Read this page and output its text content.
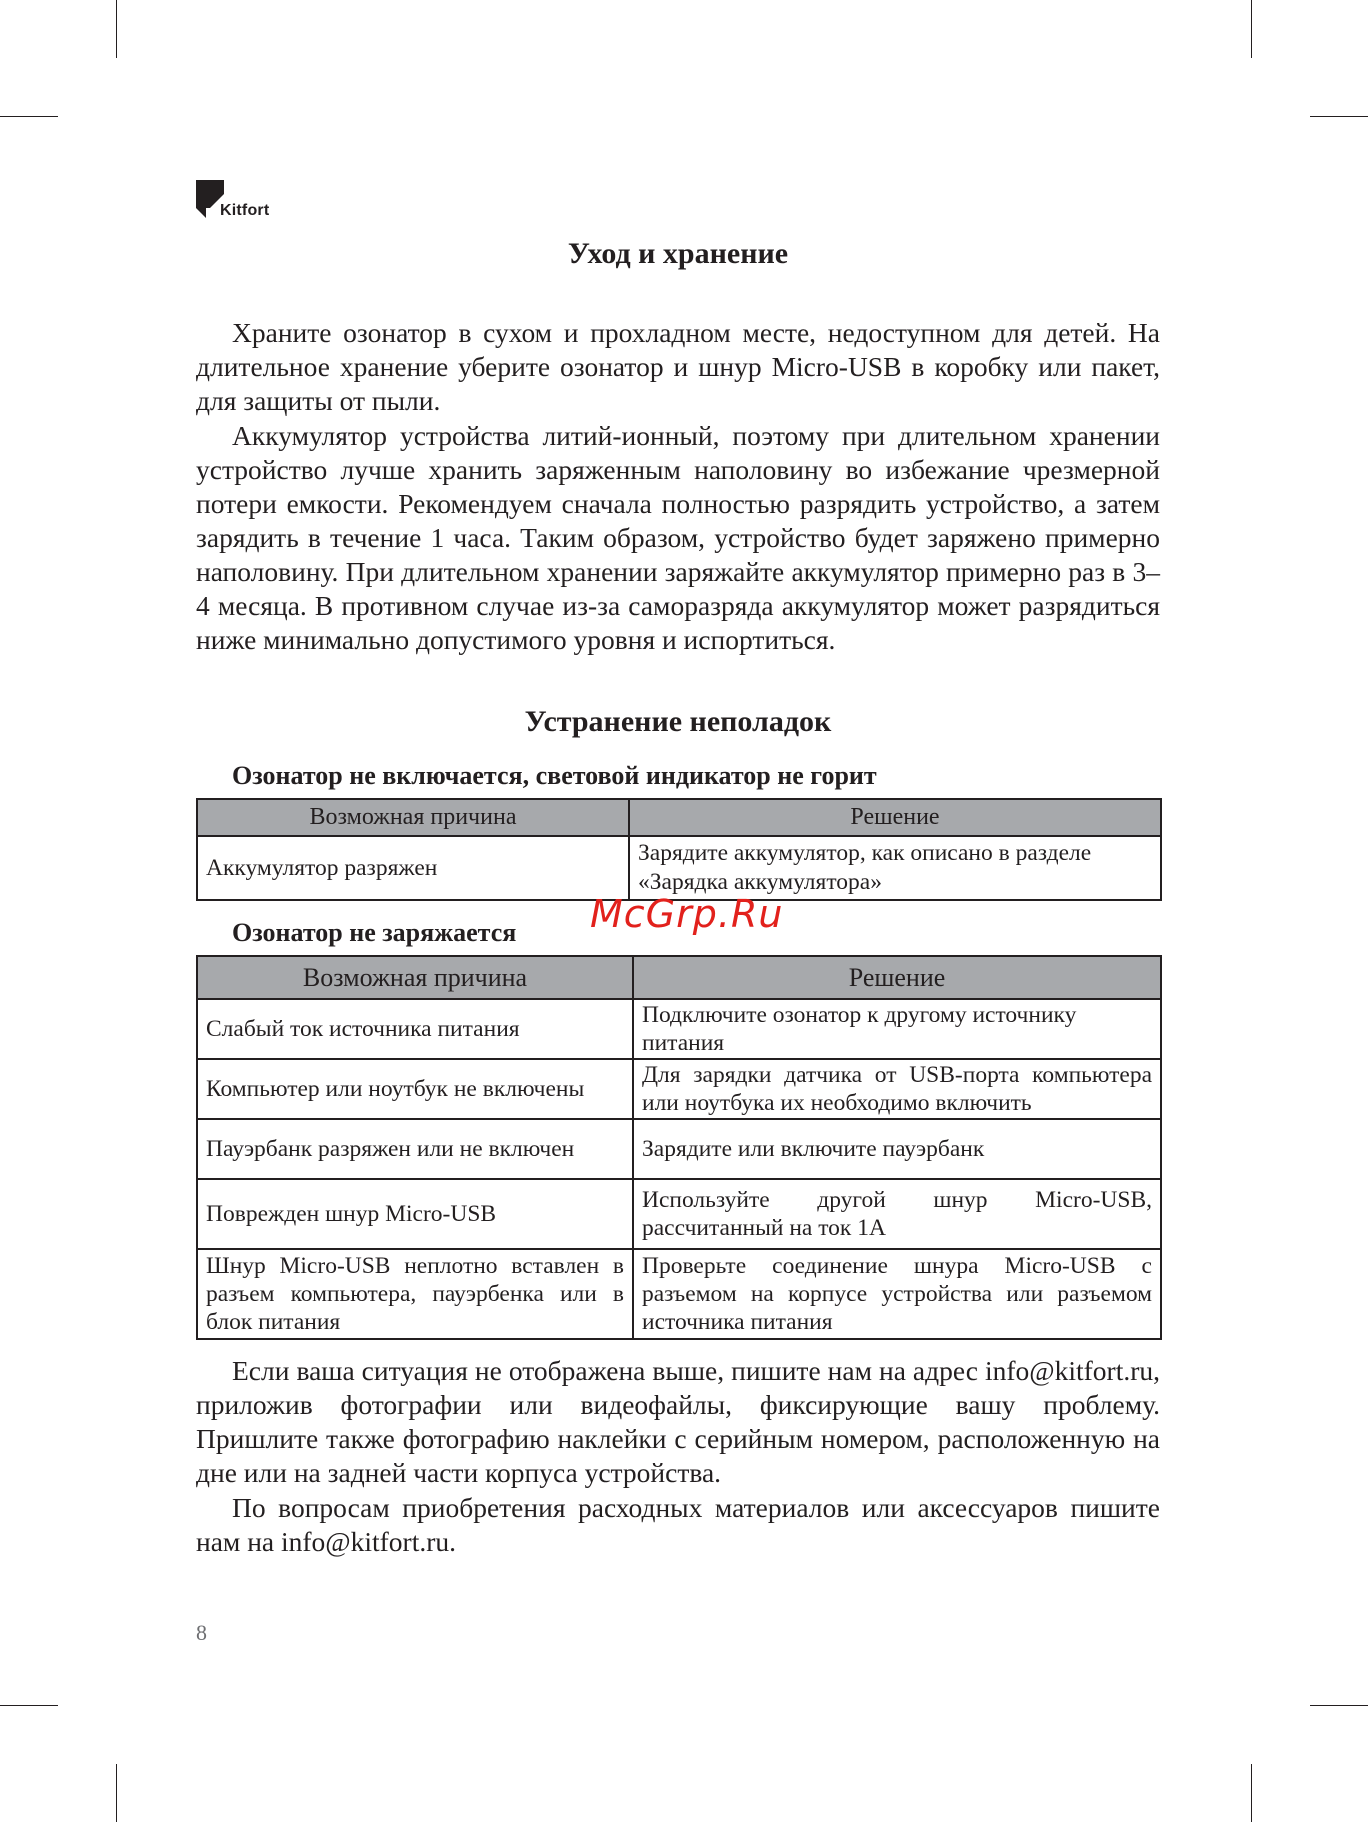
Kitfort
Уход и хранение

Храните озонатор в сухом и прохладном месте, недоступном для детей. На длительное хранение уберите озонатор и шнур Micro-USB в коробку или пакет, для защиты от пыли.

Аккумулятор устройства литий-ионный, поэтому при длительном хранении устройство лучше хранить заряженным наполовину во избежание чрезмерной потери емкости. Рекомендуем сначала полностью разрядить устройство, а затем зарядить в течение 1 часа. Таким образом, устройство будет заряжено примерно наполовину. При длительном хранении заряжайте аккумулятор примерно раз в 3–4 месяца. В противном случае из-за саморазряда аккумулятор может разрядиться ниже минимально допустимого уровня и испортиться.

Устранение неполадок
Озонатор не включается, световой индикатор не горит
Возможная причина	Решение
Аккумулятор разряжен	Зарядите аккумулятор, как описано в разделе «Зарядка аккумулятора»
Озонатор не заряжается
Возможная причина	Решение
Слабый ток источника питания	Подключите озонатор к другому источнику питания
Компьютер или ноутбук не включены	Для зарядки датчика от USB-порта компьютера или ноутбука их необходимо включить
Пауэрбанк разряжен или не включен	Зарядите или включите пауэрбанк
Поврежден шнур Micro-USB	Используйте другой шнур Micro-USB, рассчитанный на ток 1А
Шнур Micro-USB неплотно вставлен в разъем компьютера, пауэрбенка или в блок питания	Проверьте соединение шнура Micro-USB с разъемом на корпусе устройства или разъемом источника питания

Если ваша ситуация не отображена выше, пишите нам на адрес info@kitfort.ru, приложив фотографии или видеофайлы, фиксирующие вашу проблему. Пришлите также фотографию наклейки с серийным номером, расположенную на дне или на задней части корпуса устройства.

По вопросам приобретения расходных материалов или аксессуаров пишите нам на info@kitfort.ru.

McGrp.Ru
8
